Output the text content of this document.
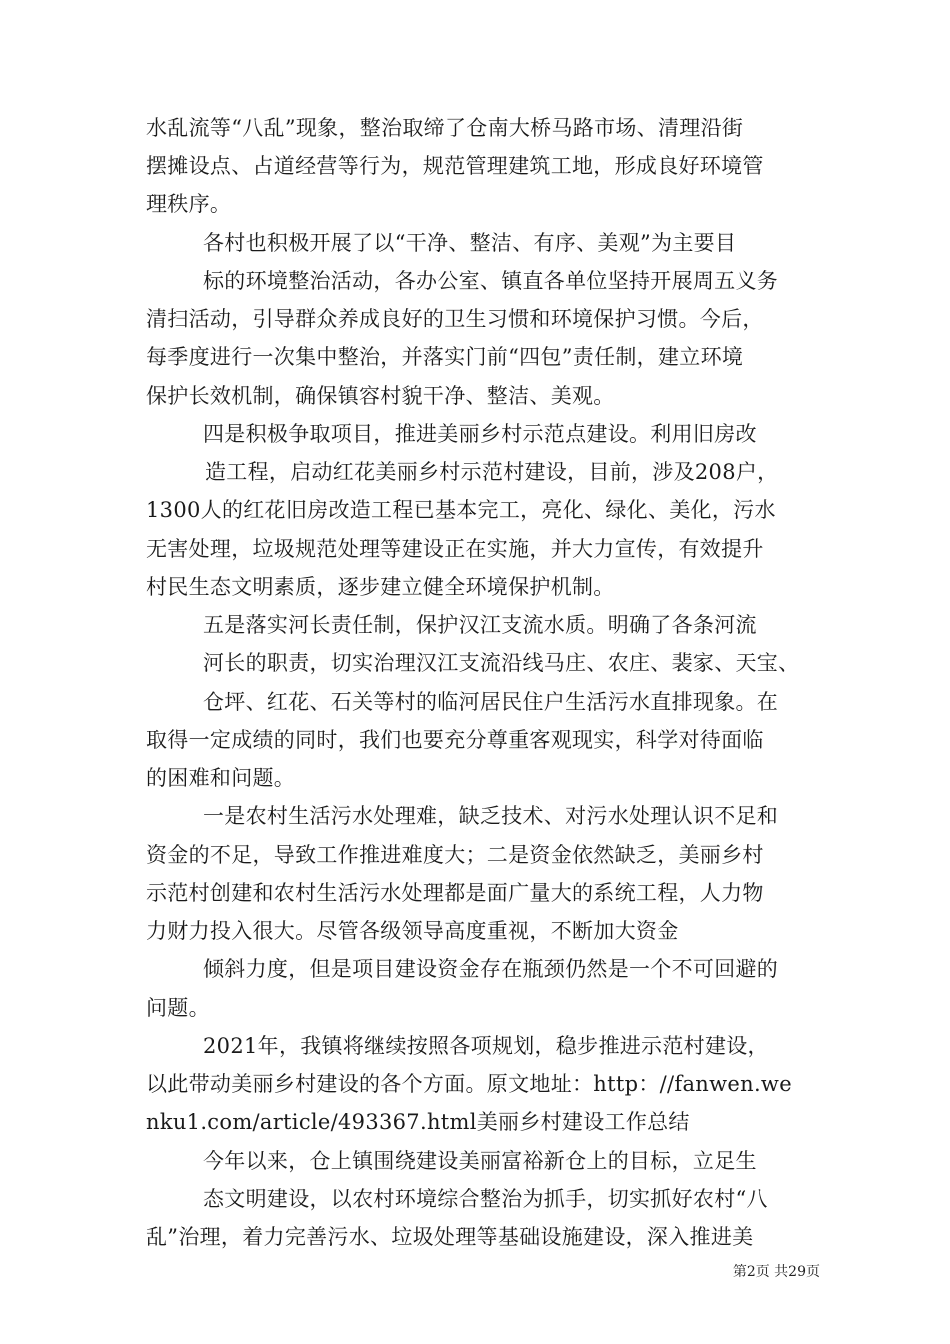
水乱流等“八乱”现象，整治取缔了仓南大桥马路市场、清理沿街
摆摊设点、占道经营等行为，规范管理建筑工地，形成良好环境管
理秩序。
各村也积极开展了以“干净、整洁、有序、美观”为主要目
标的环境整治活动，各办公室、镇直各单位坚持开展周五义务
清扫活动，引导群众养成良好的卫生习惯和环境保护习惯。今后，
每季度进行一次集中整治，并落实门前“四包”责任制，建立环境
保护长效机制，确保镇容村貌干净、整洁、美观。
四是积极争取项目，推进美丽乡村示范点建设。利用旧房改
造工程，启动红花美丽乡村示范村建设，目前，涉及208户，
1300人的红花旧房改造工程已基本完工，亮化、绿化、美化，污水
无害处理，垃圾规范处理等建设正在实施，并大力宣传，有效提升
村民生态文明素质，逐步建立健全环境保护机制。
五是落实河长责任制，保护汉江支流水质。明确了各条河流
河长的职责，切实治理汉江支流沿线马庄、农庄、裴家、天宝、
仓坪、红花、石关等村的临河居民住户生活污水直排现象。在
取得一定成绩的同时，我们也要充分尊重客观现实，科学对待面临
的困难和问题。
一是农村生活污水处理难，缺乏技术、对污水处理认识不足和
资金的不足，导致工作推进难度大；二是资金依然缺乏，美丽乡村
示范村创建和农村生活污水处理都是面广量大的系统工程，人力物
力财力投入很大。尽管各级领导高度重视，不断加大资金
倾斜力度，但是项目建设资金存在瓶颈仍然是一个不可回避的
问题。
2021年，我镇将继续按照各项规划，稳步推进示范村建设，
以此带动美丽乡村建设的各个方面。原文地址：http：//fanwen.we
nku1.com/article/493367.html美丽乡村建设工作总结
今年以来，仓上镇围绕建设美丽富裕新仓上的目标，立足生
态文明建设，以农村环境综合整治为抓手，切实抓好农村“八
乱”治理，着力完善污水、垃圾处理等基础设施建设，深入推进美
第2页 共29页
